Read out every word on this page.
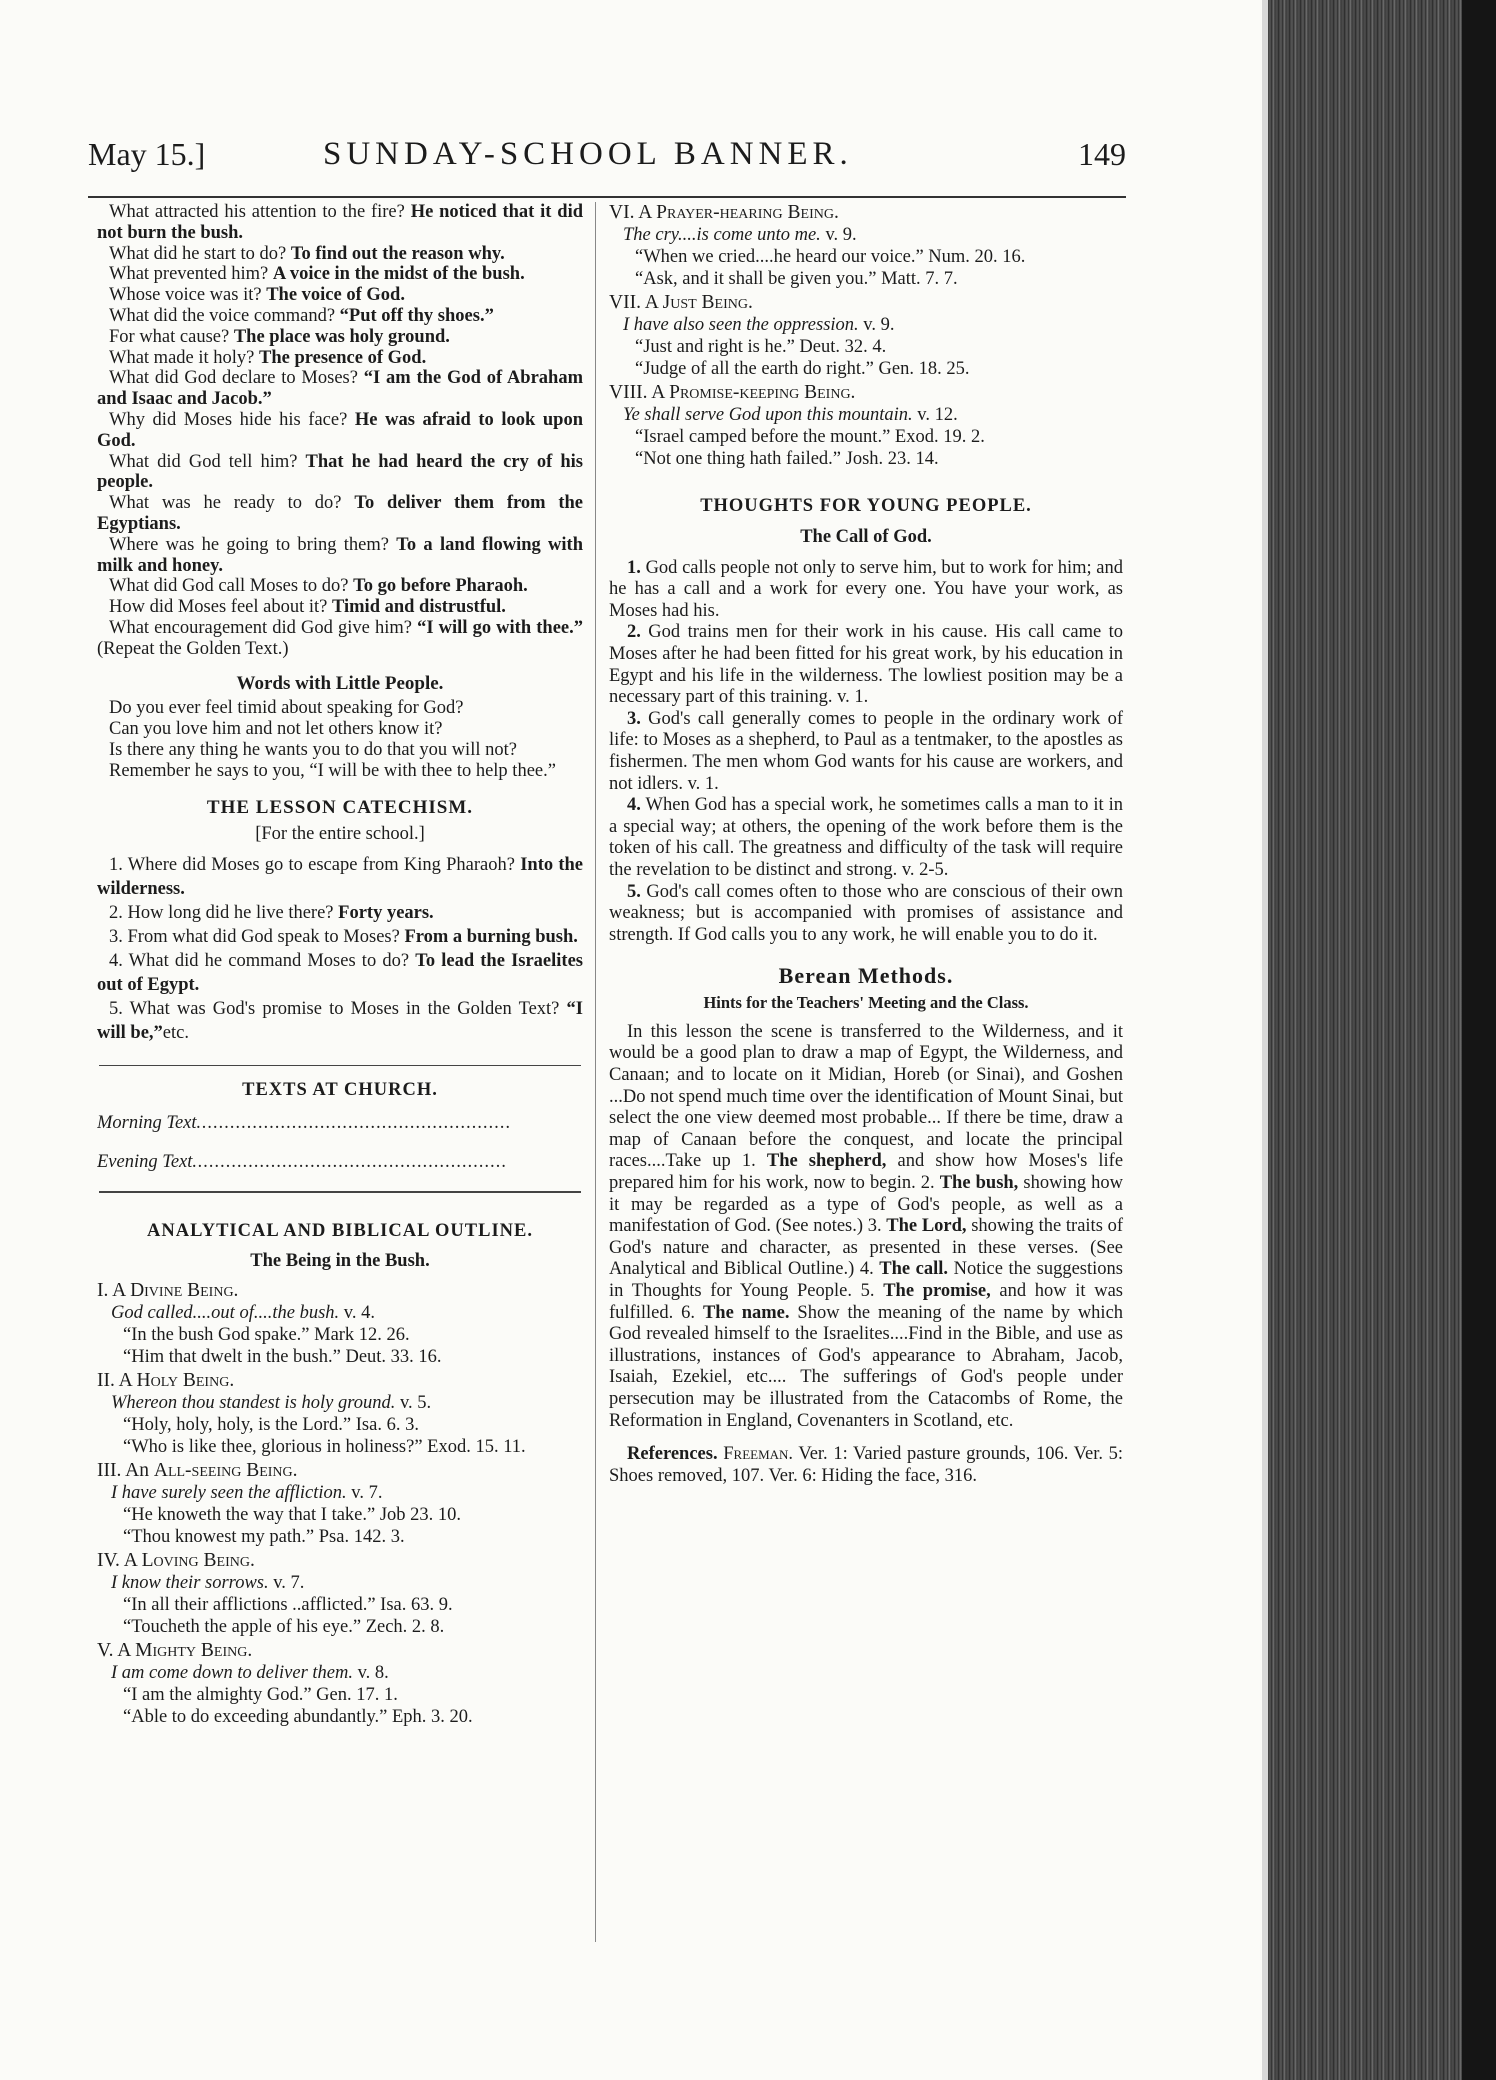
May 15.]	SUNDAY-SCHOOL BANNER.	149

What attracted his attention to the fire? He noticed that it did not burn the bush.

What did he start to do? To find out the reason why.

What prevented him? A voice in the midst of the bush.

Whose voice was it? The voice of God.

What did the voice command? “Put off thy shoes.”

For what cause? The place was holy ground.

What made it holy? The presence of God.

What did God declare to Moses? “I am the God of Abraham and Isaac and Jacob.”

Why did Moses hide his face? He was afraid to look upon God.

What did God tell him? That he had heard the cry of his people.

What was he ready to do? To deliver them from the Egyptians.

Where was he going to bring them? To a land flowing with milk and honey.

What did God call Moses to do? To go before Pharaoh.

How did Moses feel about it? Timid and distrustful.

What encouragement did God give him? “I will go with thee.” (Repeat the Golden Text.)

Words with Little People.

Do you ever feel timid about speaking for God?

Can you love him and not let others know it?

Is there any thing he wants you to do that you will not?

Remember he says to you, “I will be with thee to help thee.”

THE LESSON CATECHISM.

[For the entire school.]

1. Where did Moses go to escape from King Pharaoh? Into the wilderness.

2. How long did he live there? Forty years.

3. From what did God speak to Moses? From a burning bush.

4. What did he command Moses to do? To lead the Israelites out of Egypt.

5. What was God's promise to Moses in the Golden Text? “I will be,”etc.

TEXTS AT CHURCH.

Morning Text........................................................

Evening Text........................................................

ANALYTICAL AND BIBLICAL OUTLINE.

The Being in the Bush.

I. A Divine Being.

God called....out of....the bush. v. 4.

“In the bush God spake.” Mark 12. 26.

“Him that dwelt in the bush.” Deut. 33. 16.

II. A Holy Being.

Whereon thou standest is holy ground. v. 5.

“Holy, holy, holy, is the Lord.” Isa. 6. 3.

“Who is like thee, glorious in holiness?” Exod. 15. 11.

III. An All-seeing Being.

I have surely seen the affliction. v. 7.

“He knoweth the way that I take.” Job 23. 10.

“Thou knowest my path.” Psa. 142. 3.

IV. A Loving Being.

I know their sorrows. v. 7.

“In all their afflictions ..afflicted.” Isa. 63. 9.

“Toucheth the apple of his eye.” Zech. 2. 8.

V. A Mighty Being.

I am come down to deliver them. v. 8.

“I am the almighty God.” Gen. 17. 1.

“Able to do exceeding abundantly.” Eph. 3. 20.

VI. A Prayer-hearing Being.

The cry....is come unto me. v. 9.

“When we cried....he heard our voice.” Num. 20. 16.

“Ask, and it shall be given you.” Matt. 7. 7.

VII. A Just Being.

I have also seen the oppression. v. 9.

“Just and right is he.” Deut. 32. 4.

“Judge of all the earth do right.” Gen. 18. 25.

VIII. A Promise-keeping Being.

Ye shall serve God upon this mountain. v. 12.

“Israel camped before the mount.” Exod. 19. 2.

“Not one thing hath failed.” Josh. 23. 14.

THOUGHTS FOR YOUNG PEOPLE.

The Call of God.

1. God calls people not only to serve him, but to work for him; and he has a call and a work for every one. You have your work, as Moses had his.

2. God trains men for their work in his cause. His call came to Moses after he had been fitted for his great work, by his education in Egypt and his life in the wilderness. The lowliest position may be a necessary part of this training. v. 1.

3. God's call generally comes to people in the ordinary work of life: to Moses as a shepherd, to Paul as a tentmaker, to the apostles as fishermen. The men whom God wants for his cause are workers, and not idlers. v. 1.

4. When God has a special work, he sometimes calls a man to it in a special way; at others, the opening of the work before them is the token of his call. The greatness and difficulty of the task will require the revelation to be distinct and strong. v. 2-5.

5. God's call comes often to those who are conscious of their own weakness; but is accompanied with promises of assistance and strength. If God calls you to any work, he will enable you to do it.

Berean Methods.

Hints for the Teachers' Meeting and the Class.

In this lesson the scene is transferred to the Wilderness, and it would be a good plan to draw a map of Egypt, the Wilderness, and Canaan; and to locate on it Midian, Horeb (or Sinai), and Goshen ...Do not spend much time over the identification of Mount Sinai, but select the one view deemed most probable... If there be time, draw a map of Canaan before the conquest, and locate the principal races....Take up 1. The shepherd, and show how Moses's life prepared him for his work, now to begin. 2. The bush, showing how it may be regarded as a type of God's people, as well as a manifestation of God. (See notes.) 3. The Lord, showing the traits of God's nature and character, as presented in these verses. (See Analytical and Biblical Outline.) 4. The call. Notice the suggestions in Thoughts for Young People. 5. The promise, and how it was fulfilled. 6. The name. Show the meaning of the name by which God revealed himself to the Israelites....Find in the Bible, and use as illustrations, instances of God's appearance to Abraham, Jacob, Isaiah, Ezekiel, etc.... The sufferings of God's people under persecution may be illustrated from the Catacombs of Rome, the Reformation in England, Covenanters in Scotland, etc.

References. Freeman. Ver. 1: Varied pasture grounds, 106. Ver. 5: Shoes removed, 107. Ver. 6: Hiding the face, 316.
